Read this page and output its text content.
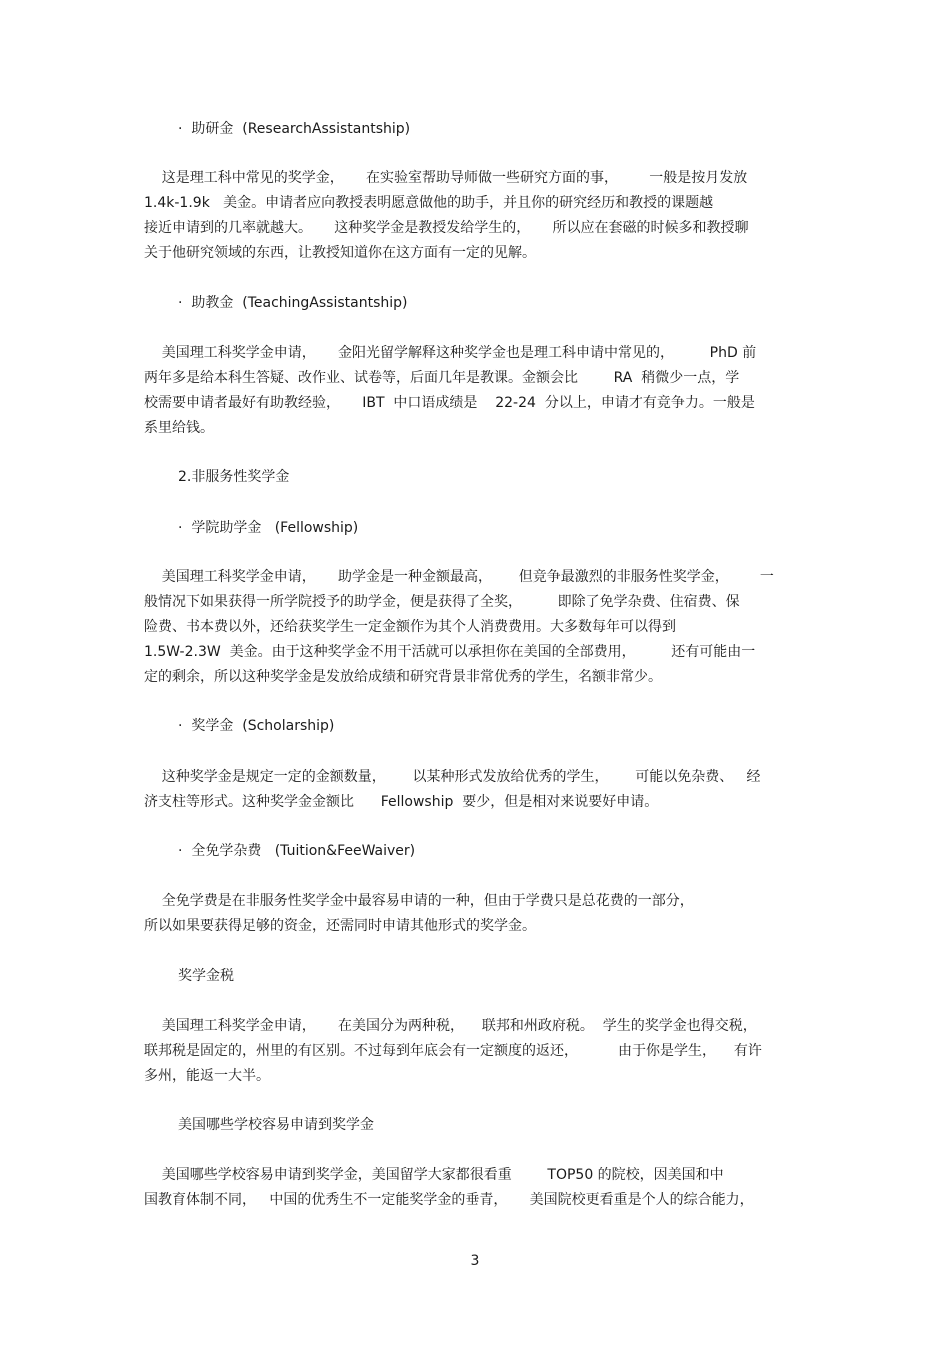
·  助研金  (ResearchAssistantship)
这是理工科中常见的奖学金，     在实验室帮助导师做一些研究方面的事，       一般是按月发放
1.4k-1.9k   美金。申请者应向教授表明愿意做他的助手，并且你的研究经历和教授的课题越
接近申请到的几率就越大。     这种奖学金是教授发给学生的，     所以应在套磁的时候多和教授聊
关于他研究领域的东西，让教授知道你在这方面有一定的见解。
·  助教金  (TeachingAssistantship)
美国理工科奖学金申请，     金阳光留学解释这种奖学金也是理工科申请中常见的，        PhD 前
两年多是给本科生答疑、改作业、试卷等，后面几年是教课。金额会比        RA  稍微少一点，学
校需要申请者最好有助教经验，     IBT  中口语成绩是    22-24  分以上，申请才有竞争力。一般是
系里给钱。
2.非服务性奖学金
·  学院助学金   (Fellowship)
美国理工科奖学金申请，     助学金是一种金额最高，      但竞争最激烈的非服务性奖学金，       一
般情况下如果获得一所学院授予的助学金，便是获得了全奖，        即除了免学杂费、住宿费、保
险费、书本费以外，还给获奖学生一定金额作为其个人消费费用。大多数每年可以得到
1.5W-2.3W  美金。由于这种奖学金不用干活就可以承担你在美国的全部费用，        还有可能由一
定的剩余，所以这种奖学金是发放给成绩和研究背景非常优秀的学生，名额非常少。
·  奖学金  (Scholarship)
这种奖学金是规定一定的金额数量，      以某种形式发放给优秀的学生，      可能以免杂费、   经
济支柱等形式。这种奖学金金额比      Fellowship  要少，但是相对来说要好申请。
·  全免学杂费   (Tuition&FeeWaiver)
全免学费是在非服务性奖学金中最容易申请的一种，但由于学费只是总花费的一部分，
所以如果要获得足够的资金，还需同时申请其他形式的奖学金。
奖学金税
美国理工科奖学金申请，     在美国分为两种税，    联邦和州政府税。  学生的奖学金也得交税，
联邦税是固定的，州里的有区别。不过每到年底会有一定额度的返还，         由于你是学生，    有许
多州，能返一大半。
美国哪些学校容易申请到奖学金
美国哪些学校容易申请到奖学金，美国留学大家都很看重        TOP50 的院校，因美国和中
国教育体制不同，   中国的优秀生不一定能奖学金的垂青，     美国院校更看重是个人的综合能力，
3
